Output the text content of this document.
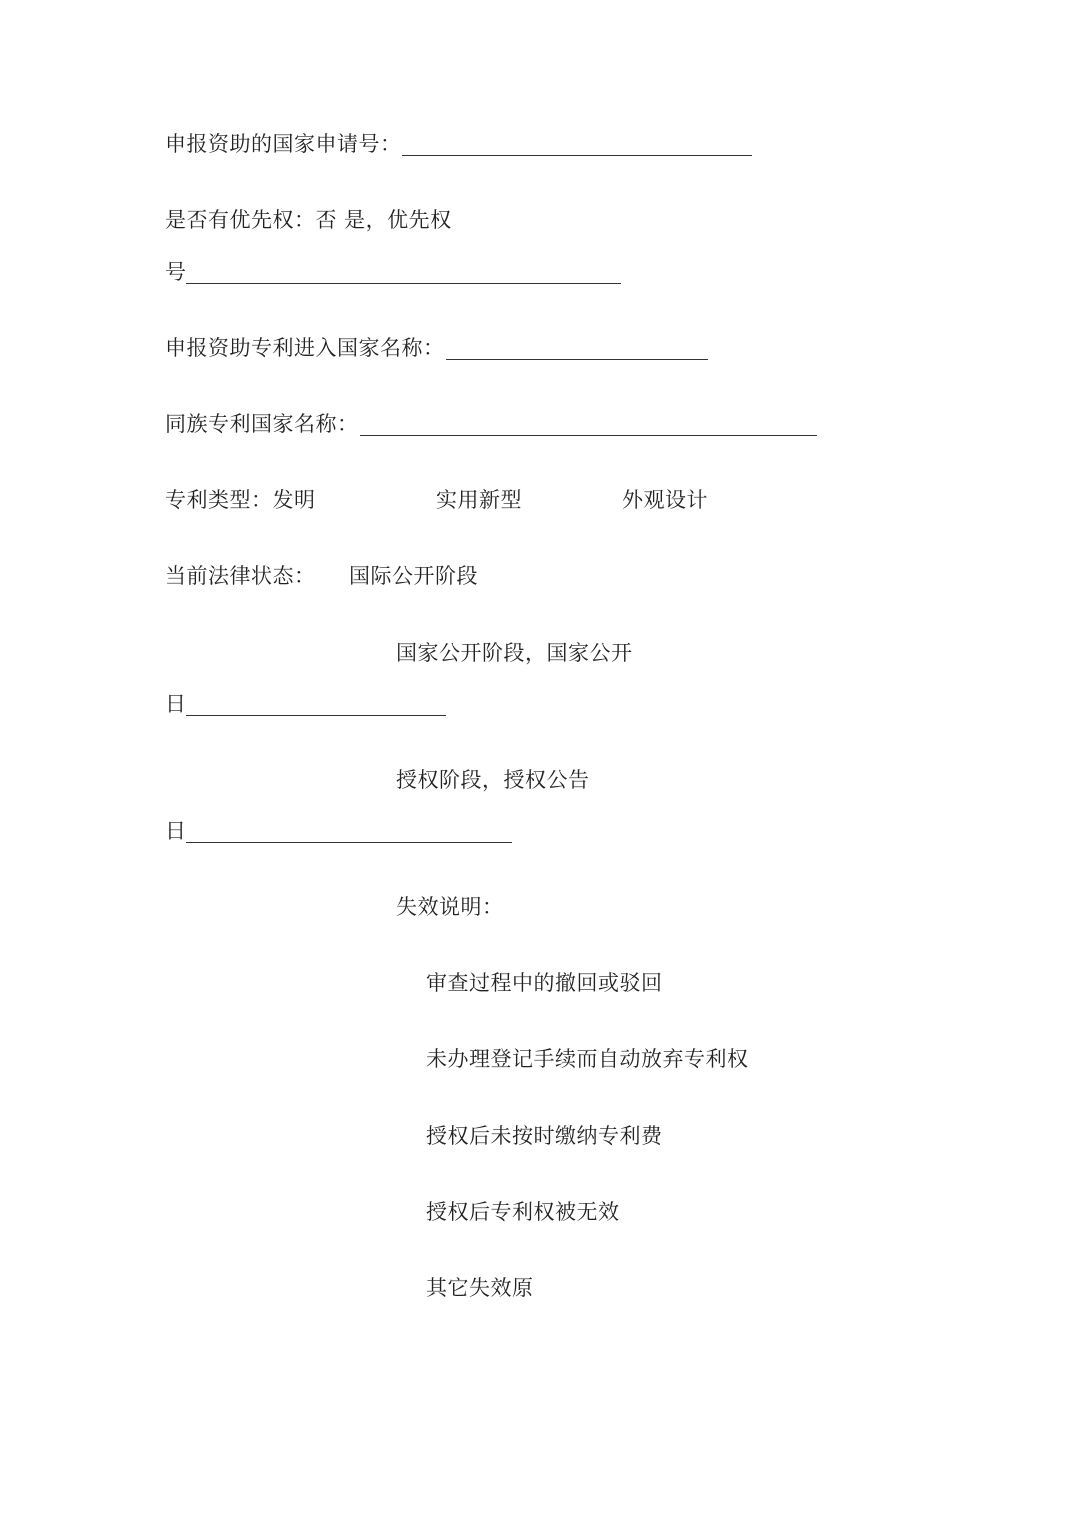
申报资助的国家申请号：
是否有优先权：否 是，优先权
号
申报资助专利进入国家名称：
同族专利国家名称：
专利类型：发明	实用新型	外观设计
当前法律状态： 国际公开阶段
国家公开阶段，国家公开
日
授权阶段，授权公告
日
失效说明：
审查过程中的撤回或驳回
未办理登记手续而自动放弃专利权
授权后未按时缴纳专利费
授权后专利权被无效
其它失效原
